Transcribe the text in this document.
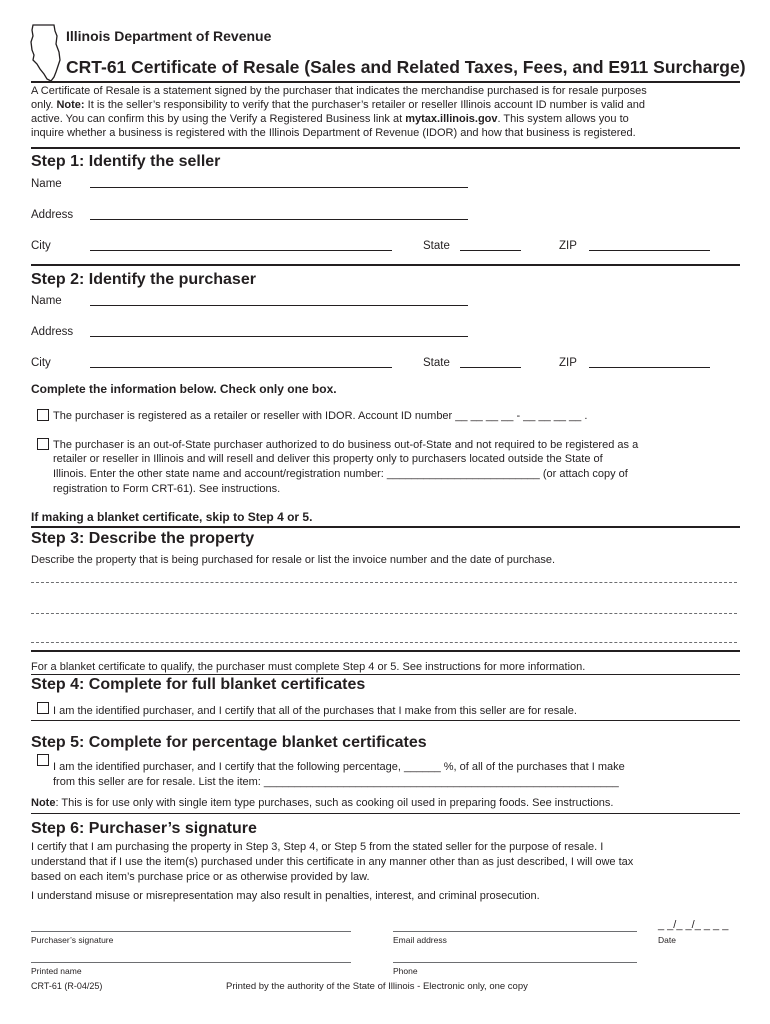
Illinois Department of Revenue
CRT-61 Certificate of Resale (Sales and Related Taxes, Fees, and E911 Surcharge)
A Certificate of Resale is a statement signed by the purchaser that indicates the merchandise purchased is for resale purposes
only. Note: It is the seller’s responsibility to verify that the purchaser’s retailer or reseller Illinois account ID number is valid and
active. You can confirm this by using the Verify a Registered Business link at mytax.illinois.gov. This system allows you to
inquire whether a business is registered with the Illinois Department of Revenue (IDOR) and how that business is registered.
Step 1: Identify the seller
Name
Address
City	State	ZIP
Step 2: Identify the purchaser
Name
Address
City	State	ZIP
Complete the information below. Check only one box.
The purchaser is registered as a retailer or reseller with IDOR. Account ID number __ __ __ __ - __ __ __ __ .
The purchaser is an out-of-State purchaser authorized to do business out-of-State and not required to be registered as a
retailer or reseller in Illinois and will resell and deliver this property only to purchasers located outside the State of
Illinois. Enter the other state name and account/registration number: _________________________ (or attach copy of
registration to Form CRT-61). See instructions.
If making a blanket certificate, skip to Step 4 or 5.
Step 3: Describe the property
Describe the property that is being purchased for resale or list the invoice number and the date of purchase.
For a blanket certificate to qualify, the purchaser must complete Step 4 or 5. See instructions for more information.
Step 4: Complete for full blanket certificates
I am the identified purchaser, and I certify that all of the purchases that I make from this seller are for resale.
Step 5: Complete for percentage blanket certificates
I am the identified purchaser, and I certify that the following percentage, ______ %, of all of the purchases that I make
from this seller are for resale. List the item: __________________________________________________________
Note: This is for use only with single item type purchases, such as cooking oil used in preparing foods. See instructions.
Step 6: Purchaser’s signature
I certify that I am purchasing the property in Step 3, Step 4, or Step 5 from the stated seller for the purpose of resale. I
understand that if I use the item(s) purchased under this certificate in any manner other than as just described, I will owe tax
based on each item’s purchase price or as otherwise provided by law.
I understand misuse or misrepresentation may also result in penalties, interest, and criminal prosecution.
Purchaser’s signature	Email address
_ _/_ _/_ _ _ _
Date
Printed name	Phone
CRT-61 (R-04/25)	Printed by the authority of the State of Illinois - Electronic only, one copy
